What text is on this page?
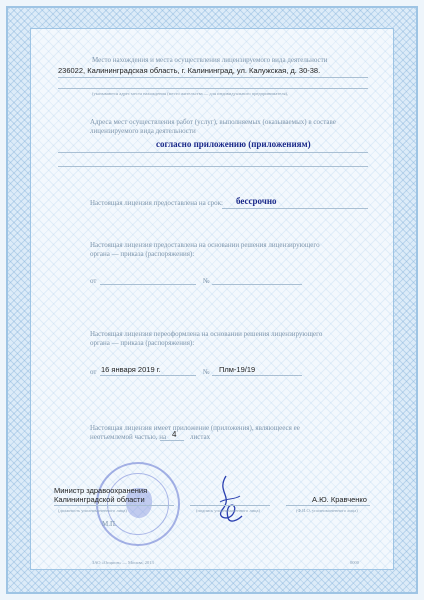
Место нахождения и места осуществления лицензируемого вида деятельности
236022, Калининградская область, г. Калининград, ул. Калужская, д. 30-38.
(указываются адрес места нахождения (место жительства — для индивидуального предпринимателя),
Адреса мест осуществления работ (услуг), выполняемых (оказываемых) в составе
лицензируемого вида деятельности
согласно приложению (приложениям)
Настоящая лицензия предоставлена на срок: бессрочно
Настоящая лицензия предоставлена на основании решения лицензирующего
органа — приказа (распоряжения):
от	№
Настоящая лицензия переоформлена на основании решения лицензирующего
органа — приказа (распоряжения):
от 16 января 2019 г.	№ Плм-19/19
Настоящая лицензия имеет приложение (приложения), являющееся ее
неотъемлемой частью, на 4 листах
Министр здравоохранения
Калининградской области
(должность уполномоченного лица)	(подпись уполномоченного лица)
А.Ю. Кравченко
(Ф.И.О. уполномоченного лица)
М.П.
ЗАО «Опцион» — Москва, 2013	0000
